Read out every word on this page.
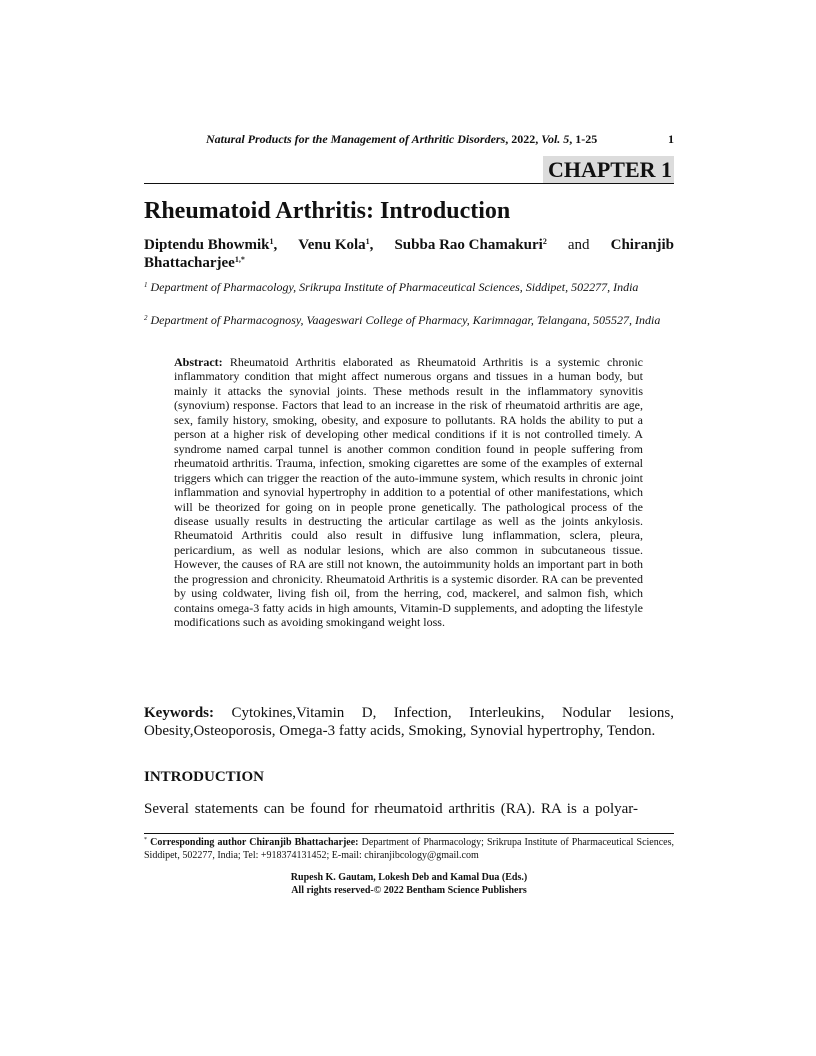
Natural Products for the Management of Arthritic Disorders, 2022, Vol. 5, 1-25	1
CHAPTER 1
Rheumatoid Arthritis: Introduction
Diptendu Bhowmik$^1$, Venu Kola$^1$, Subba Rao Chamakuri$^2$ and Chiranjib
Bhattacharjee$^{1,*}$
$^1$ Department of Pharmacology, Srikrupa Institute of Pharmaceutical Sciences, Siddipet, 502277, India
$^2$ Department of Pharmacognosy, Vaageswari College of Pharmacy, Karimnagar, Telangana, 505527, India
Abstract: Rheumatoid Arthritis elaborated as Rheumatoid Arthritis is a systemic chronic inflammatory condition that might affect numerous organs and tissues in a human body, but mainly it attacks the synovial joints. These methods result in the inflammatory synovitis (synovium) response. Factors that lead to an increase in the risk of rheumatoid arthritis are age, sex, family history, smoking, obesity, and exposure to pollutants. RA holds the ability to put a person at a higher risk of developing other medical conditions if it is not controlled timely. A syndrome named carpal tunnel is another common condition found in people suffering from rheumatoid arthritis. Trauma, infection, smoking cigarettes are some of the examples of external triggers which can trigger the reaction of the auto-immune system, which results in chronic joint inflammation and synovial hypertrophy in addition to a potential of other manifestations, which will be theorized for going on in people prone genetically. The pathological process of the disease usually results in destructing the articular cartilage as well as the joints ankylosis. Rheumatoid Arthritis could also result in diffusive lung inflammation, sclera, pleura, pericardium, as well as nodular lesions, which are also common in subcutaneous tissue. However, the causes of RA are still not known, the autoimmunity holds an important part in both the progression and chronicity. Rheumatoid Arthritis is a systemic disorder. RA can be prevented by using coldwater, living fish oil, from the herring, cod, mackerel, and salmon fish, which contains omega-3 fatty acids in high amounts, Vitamin-D supplements, and adopting the lifestyle modifications such as avoiding smokingand weight loss.
Keywords: Cytokines,Vitamin D, Infection, Interleukins, Nodular lesions, Obesity,Osteoporosis, Omega-3 fatty acids, Smoking, Synovial hypertrophy, Tendon.
INTRODUCTION
Several statements can be found for rheumatoid arthritis (RA). RA is a polyar-
* Corresponding author Chiranjib Bhattacharjee: Department of Pharmacology; Srikrupa Institute of Pharmaceutical Sciences, Siddipet, 502277, India; Tel: +918374131452; E-mail: chiranjibcology@gmail.com
Rupesh K. Gautam, Lokesh Deb and Kamal Dua (Eds.)
All rights reserved-© 2022 Bentham Science Publishers
